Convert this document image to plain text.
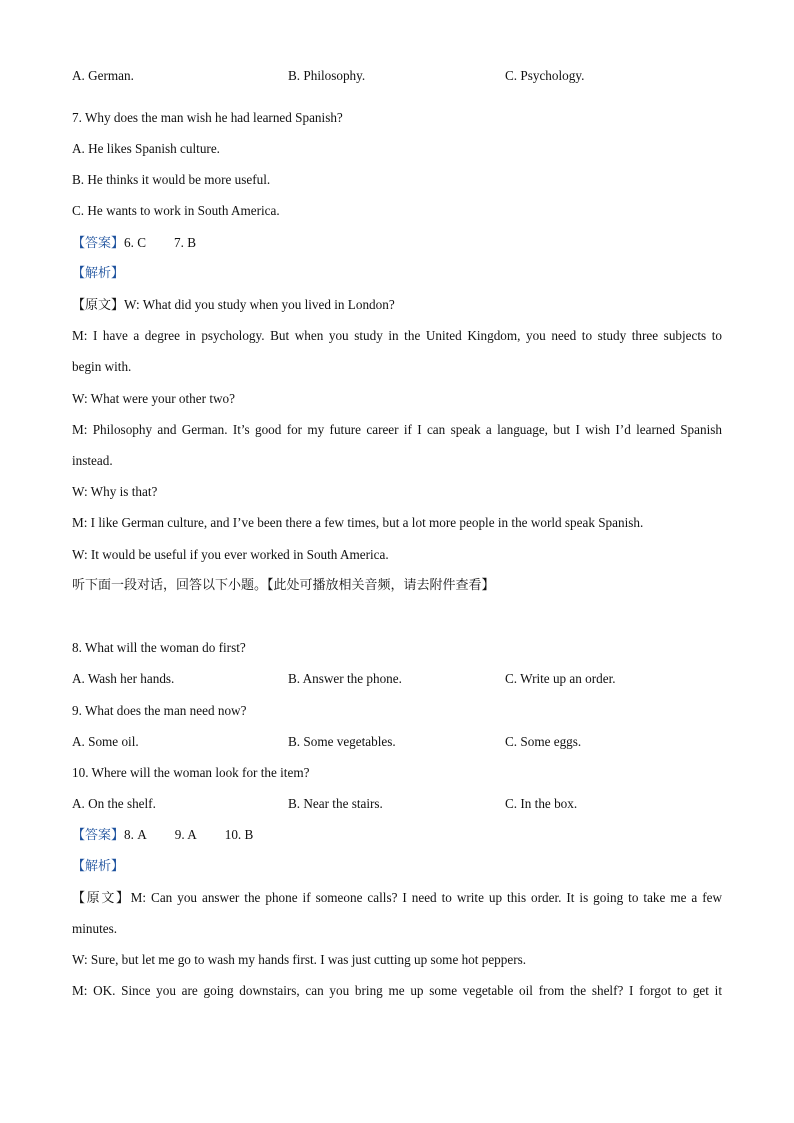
A. German.	B. Philosophy.	C. Psychology.
7. Why does the man wish he had learned Spanish?
A. He likes Spanish culture.
B. He thinks it would be more useful.
C. He wants to work in South America.
【答案】6. C 7. B
【解析】
【原文】W: What did you study when you lived in London?
M: I have a degree in psychology. But when you study in the United Kingdom, you need to study three subjects to
begin with.
W: What were your other two?
M: Philosophy and German. It’s good for my future career if I can speak a language, but I wish I’d learned Spanish
instead.
W: Why is that?
M: I like German culture, and I’ve been there a few times, but a lot more people in the world speak Spanish.
W: It would be useful if you ever worked in South America.
听下面一段对话，回答以下小题。【此处可播放相关音频，请去附件查看】
8. What will the woman do first?
A. Wash her hands.	B. Answer the phone.	C. Write up an order.
9. What does the man need now?
A. Some oil.	B. Some vegetables.	C. Some eggs.
10. Where will the woman look for the item?
A. On the shelf.	B. Near the stairs.	C. In the box.
【答案】8. A 9. A 10. B
【解析】
【原文】M: Can you answer the phone if someone calls? I need to write up this order. It is going to take me a few
minutes.
W: Sure, but let me go to wash my hands first. I was just cutting up some hot peppers.
M: OK. Since you are going downstairs, can you bring me up some vegetable oil from the shelf? I forgot to get it
